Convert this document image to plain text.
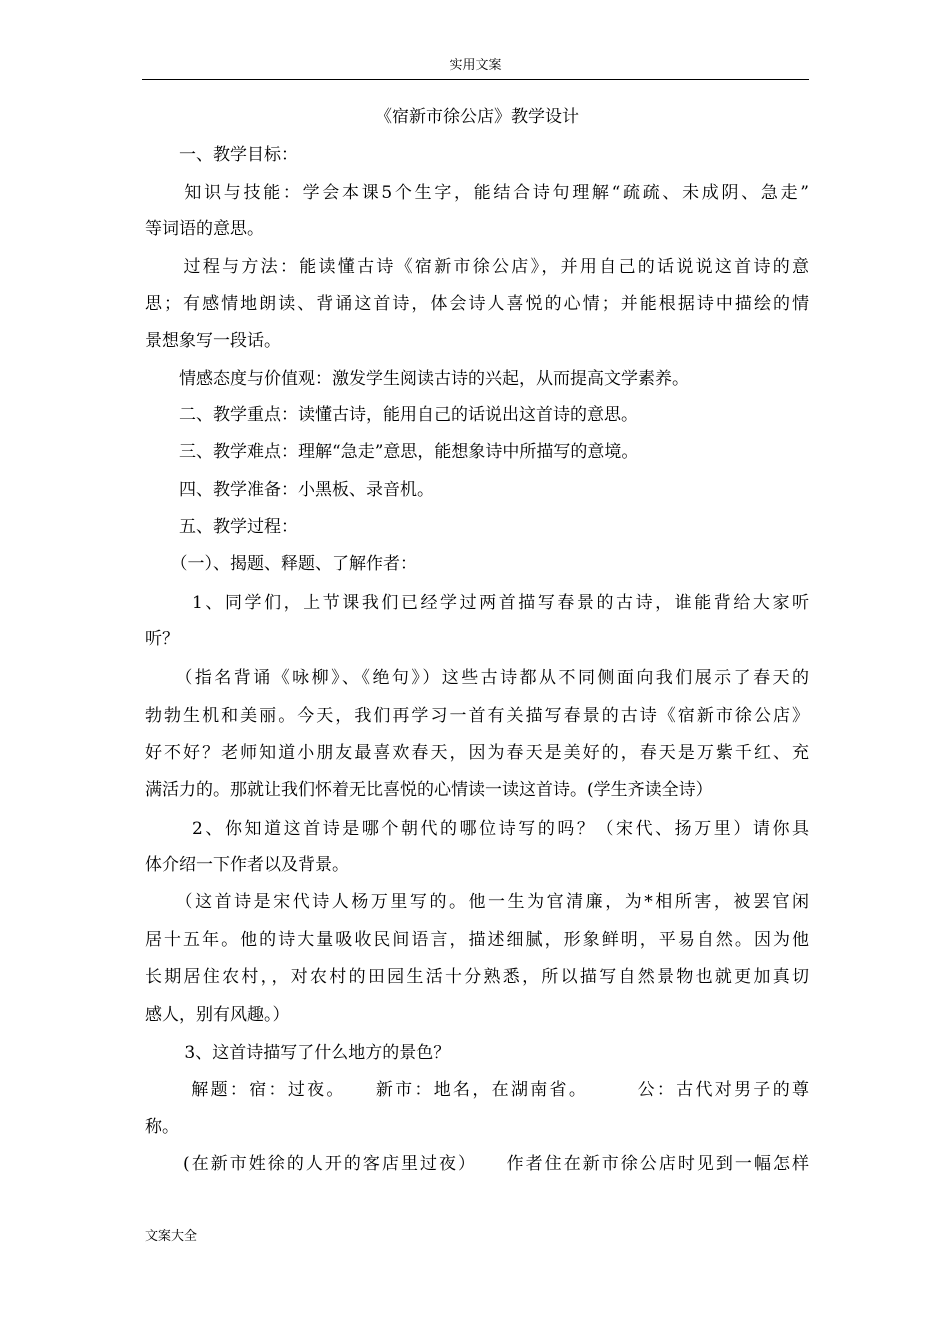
实用文案
《宿新市徐公店》教学设计
　　一、教学目标：
　　知识与技能：学会本课5个生字，能结合诗句理解“疏疏、未成阴、急走”
等词语的意思。
　　过程与方法：能读懂古诗《宿新市徐公店》，并用自己的话说说这首诗的意
思；有感情地朗读、背诵这首诗，体会诗人喜悦的心情；并能根据诗中描绘的情
景想象写一段话。
　　情感态度与价值观：激发学生阅读古诗的兴起，从而提高文学素养。
　　二、教学重点：读懂古诗，能用自己的话说出这首诗的意思。
　　三、教学难点：理解“急走”意思，能想象诗中所描写的意境。
　　四、教学准备：小黑板、录音机。
　　五、教学过程：
　　（一）、揭题、释题、了解作者：
　　 1、同学们，上节课我们已经学过两首描写春景的古诗，谁能背给大家听
听？
　　（指名背诵《咏柳》、《绝句》）这些古诗都从不同侧面向我们展示了春天的
勃勃生机和美丽。今天，我们再学习一首有关描写春景的古诗《宿新市徐公店》
好不好？老师知道小朋友最喜欢春天，因为春天是美好的，春天是万紫千红、充
满活力的。那就让我们怀着无比喜悦的心情读一读这首诗。(学生齐读全诗）
　　 2、你知道这首诗是哪个朝代的哪位诗写的吗？（宋代、扬万里）请你具
体介绍一下作者以及背景。
　　（这首诗是宋代诗人杨万里写的。他一生为官清廉，为*相所害，被罢官闲
居十五年。他的诗大量吸收民间语言，描述细腻，形象鲜明，平易自然。因为他
长期居住农村，，对农村的田园生活十分熟悉，所以描写自然景物也就更加真切
感人，别有风趣。）
　　 3、这首诗描写了什么地方的景色？
　　 解题：宿：过夜。　　新市：地名，在湖南省。　　　公：古代对男子的尊
称。
　　(在新市姓徐的人开的客店里过夜）　　作者住在新市徐公店时见到一幅怎样
文案大全
